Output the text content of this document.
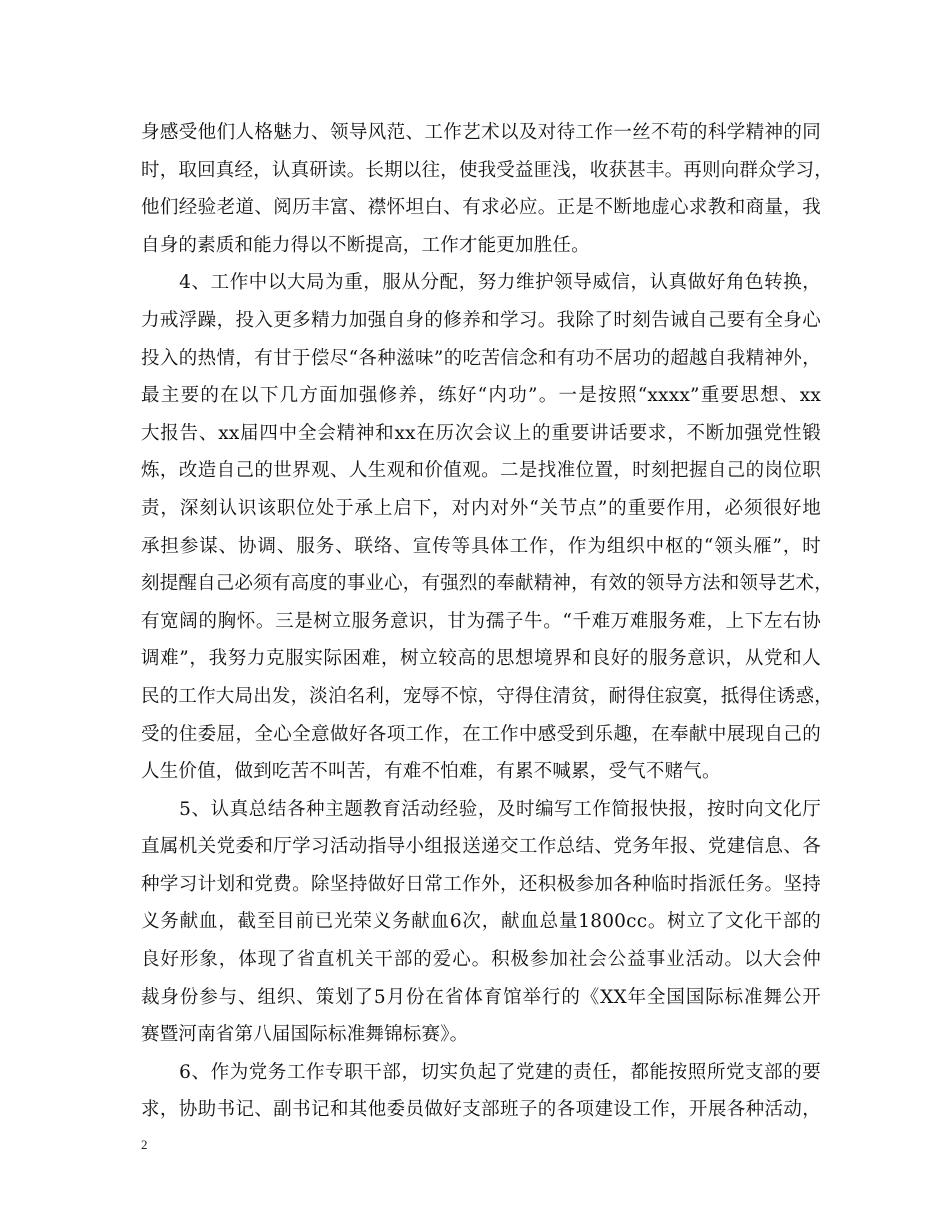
身感受他们人格魅力、领导风范、工作艺术以及对待工作一丝不苟的科学精神的同
时，取回真经，认真研读。长期以往，使我受益匪浅，收获甚丰。再则向群众学习，
他们经验老道、阅历丰富、襟怀坦白、有求必应。正是不断地虚心求教和商量，我
自身的素质和能力得以不断提高，工作才能更加胜任。
　　4、工作中以大局为重，服从分配，努力维护领导威信，认真做好角色转换，
力戒浮躁，投入更多精力加强自身的修养和学习。我除了时刻告诫自己要有全身心
投入的热情，有甘于偿尽“各种滋味”的吃苦信念和有功不居功的超越自我精神外，
最主要的在以下几方面加强修养，练好“内功”。一是按照“xxxx”重要思想、xx
大报告、xx届四中全会精神和xx在历次会议上的重要讲话要求，不断加强党性锻
炼，改造自己的世界观、人生观和价值观。二是找准位置，时刻把握自己的岗位职
责，深刻认识该职位处于承上启下，对内对外“关节点”的重要作用，必须很好地
承担参谋、协调、服务、联络、宣传等具体工作，作为组织中枢的“领头雁”，时
刻提醒自己必须有高度的事业心，有强烈的奉献精神，有效的领导方法和领导艺术，
有宽阔的胸怀。三是树立服务意识，甘为孺子牛。“千难万难服务难，上下左右协
调难”，我努力克服实际困难，树立较高的思想境界和良好的服务意识，从党和人
民的工作大局出发，淡泊名利，宠辱不惊，守得住清贫，耐得住寂寞，抵得住诱惑，
受的住委屈，全心全意做好各项工作，在工作中感受到乐趣，在奉献中展现自己的
人生价值，做到吃苦不叫苦，有难不怕难，有累不喊累，受气不赌气。
　　5、认真总结各种主题教育活动经验，及时编写工作简报快报，按时向文化厅
直属机关党委和厅学习活动指导小组报送递交工作总结、党务年报、党建信息、各
种学习计划和党费。除坚持做好日常工作外，还积极参加各种临时指派任务。坚持
义务献血，截至目前已光荣义务献血6次，献血总量1800cc。树立了文化干部的
良好形象，体现了省直机关干部的爱心。积极参加社会公益事业活动。以大会仲
裁身份参与、组织、策划了5月份在省体育馆举行的《XX年全国国际标准舞公开
赛暨河南省第八届国际标准舞锦标赛》。
　　6、作为党务工作专职干部，切实负起了党建的责任，都能按照所党支部的要
求，协助书记、副书记和其他委员做好支部班子的各项建设工作，开展各种活动，
2
